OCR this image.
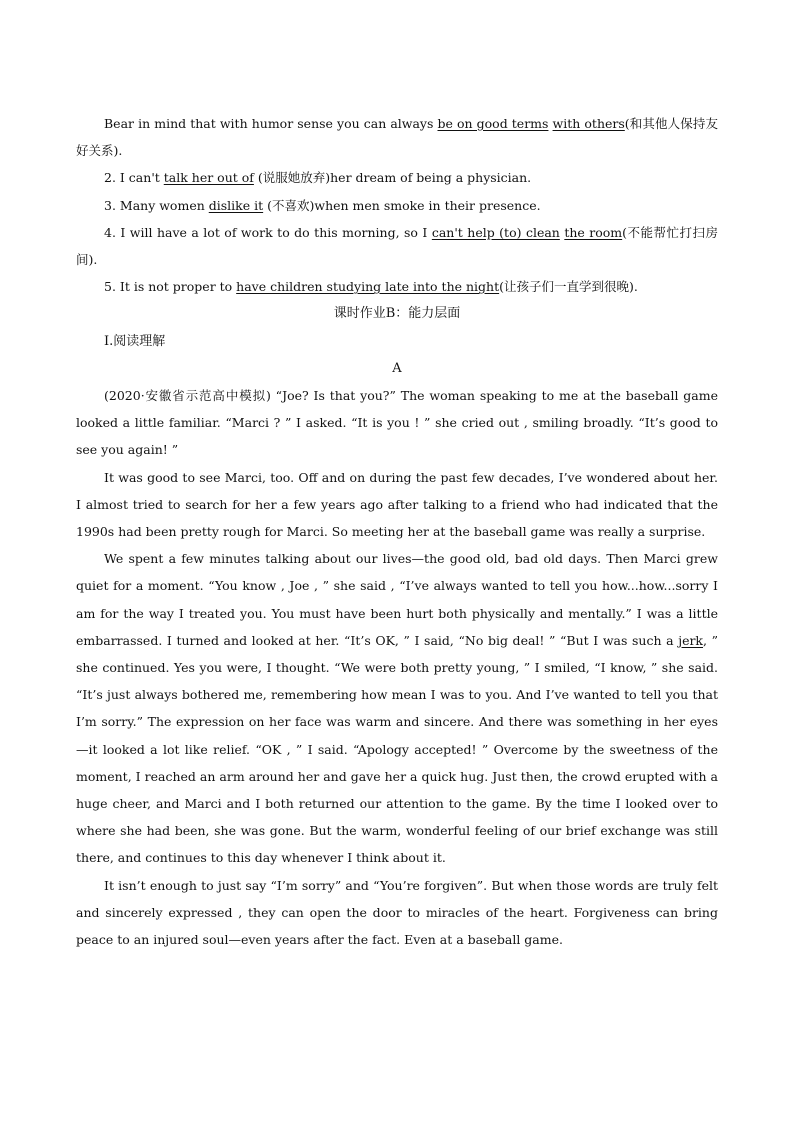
Bear in mind that with humor sense you can always be on good terms with others(和其他人保持友好关系).

2. I can't talk her out of (说服她放弃)her dream of being a physician.

3. Many women dislike it (不喜欢)when men smoke in their presence.

4. I will have a lot of work to do this morning, so I can't help (to) clean the room(不能帮忙打扫房间).

5. It is not proper to have children studying late into the night(让孩子们一直学到很晚).

课时作业B：能力层面

Ⅰ.阅读理解

A

(2020·安徽省示范高中模拟) “Joe? Is that you?” The woman speaking to me at the baseball game looked a little familiar. “Marci ? ” I asked. “It is you ! ” she cried out , smiling broadly. “It’s good to see you again! ”

It was good to see Marci, too. Off and on during the past few decades, I’ve wondered about her. I almost tried to search for her a few years ago after talking to a friend who had indicated that the 1990s had been pretty rough for Marci. So meeting her at the baseball game was really a surprise.

We spent a few minutes talking about our lives—the good old, bad old days. Then Marci grew quiet for a moment. “You know , Joe , ” she said , “I’ve always wanted to tell you how...how...sorry I am for the way I treated you. You must have been hurt both physically and mentally.” I was a little embarrassed. I turned and looked at her. “It’s OK, ” I said, “No big deal! ” “But I was such a jerk, ” she continued. Yes you were, I thought. “We were both pretty young, ” I smiled, “I know, ” she said. “It’s just always bothered me, remembering how mean I was to you. And I’ve wanted to tell you that I’m sorry.” The expression on her face was warm and sincere. And there was something in her eyes—it looked a lot like relief. “OK , ” I said. “Apology accepted! ” Overcome by the sweetness of the moment, I reached an arm around her and gave her a quick hug. Just then, the crowd erupted with a huge cheer, and Marci and I both returned our attention to the game. By the time I looked over to where she had been, she was gone. But the warm, wonderful feeling of our brief exchange was still there, and continues to this day whenever I think about it.

It isn’t enough to just say “I’m sorry” and “You’re forgiven”. But when those words are truly felt and sincerely expressed , they can open the door to miracles of the heart. Forgiveness can bring peace to an injured soul—even years after the fact. Even at a baseball game.
